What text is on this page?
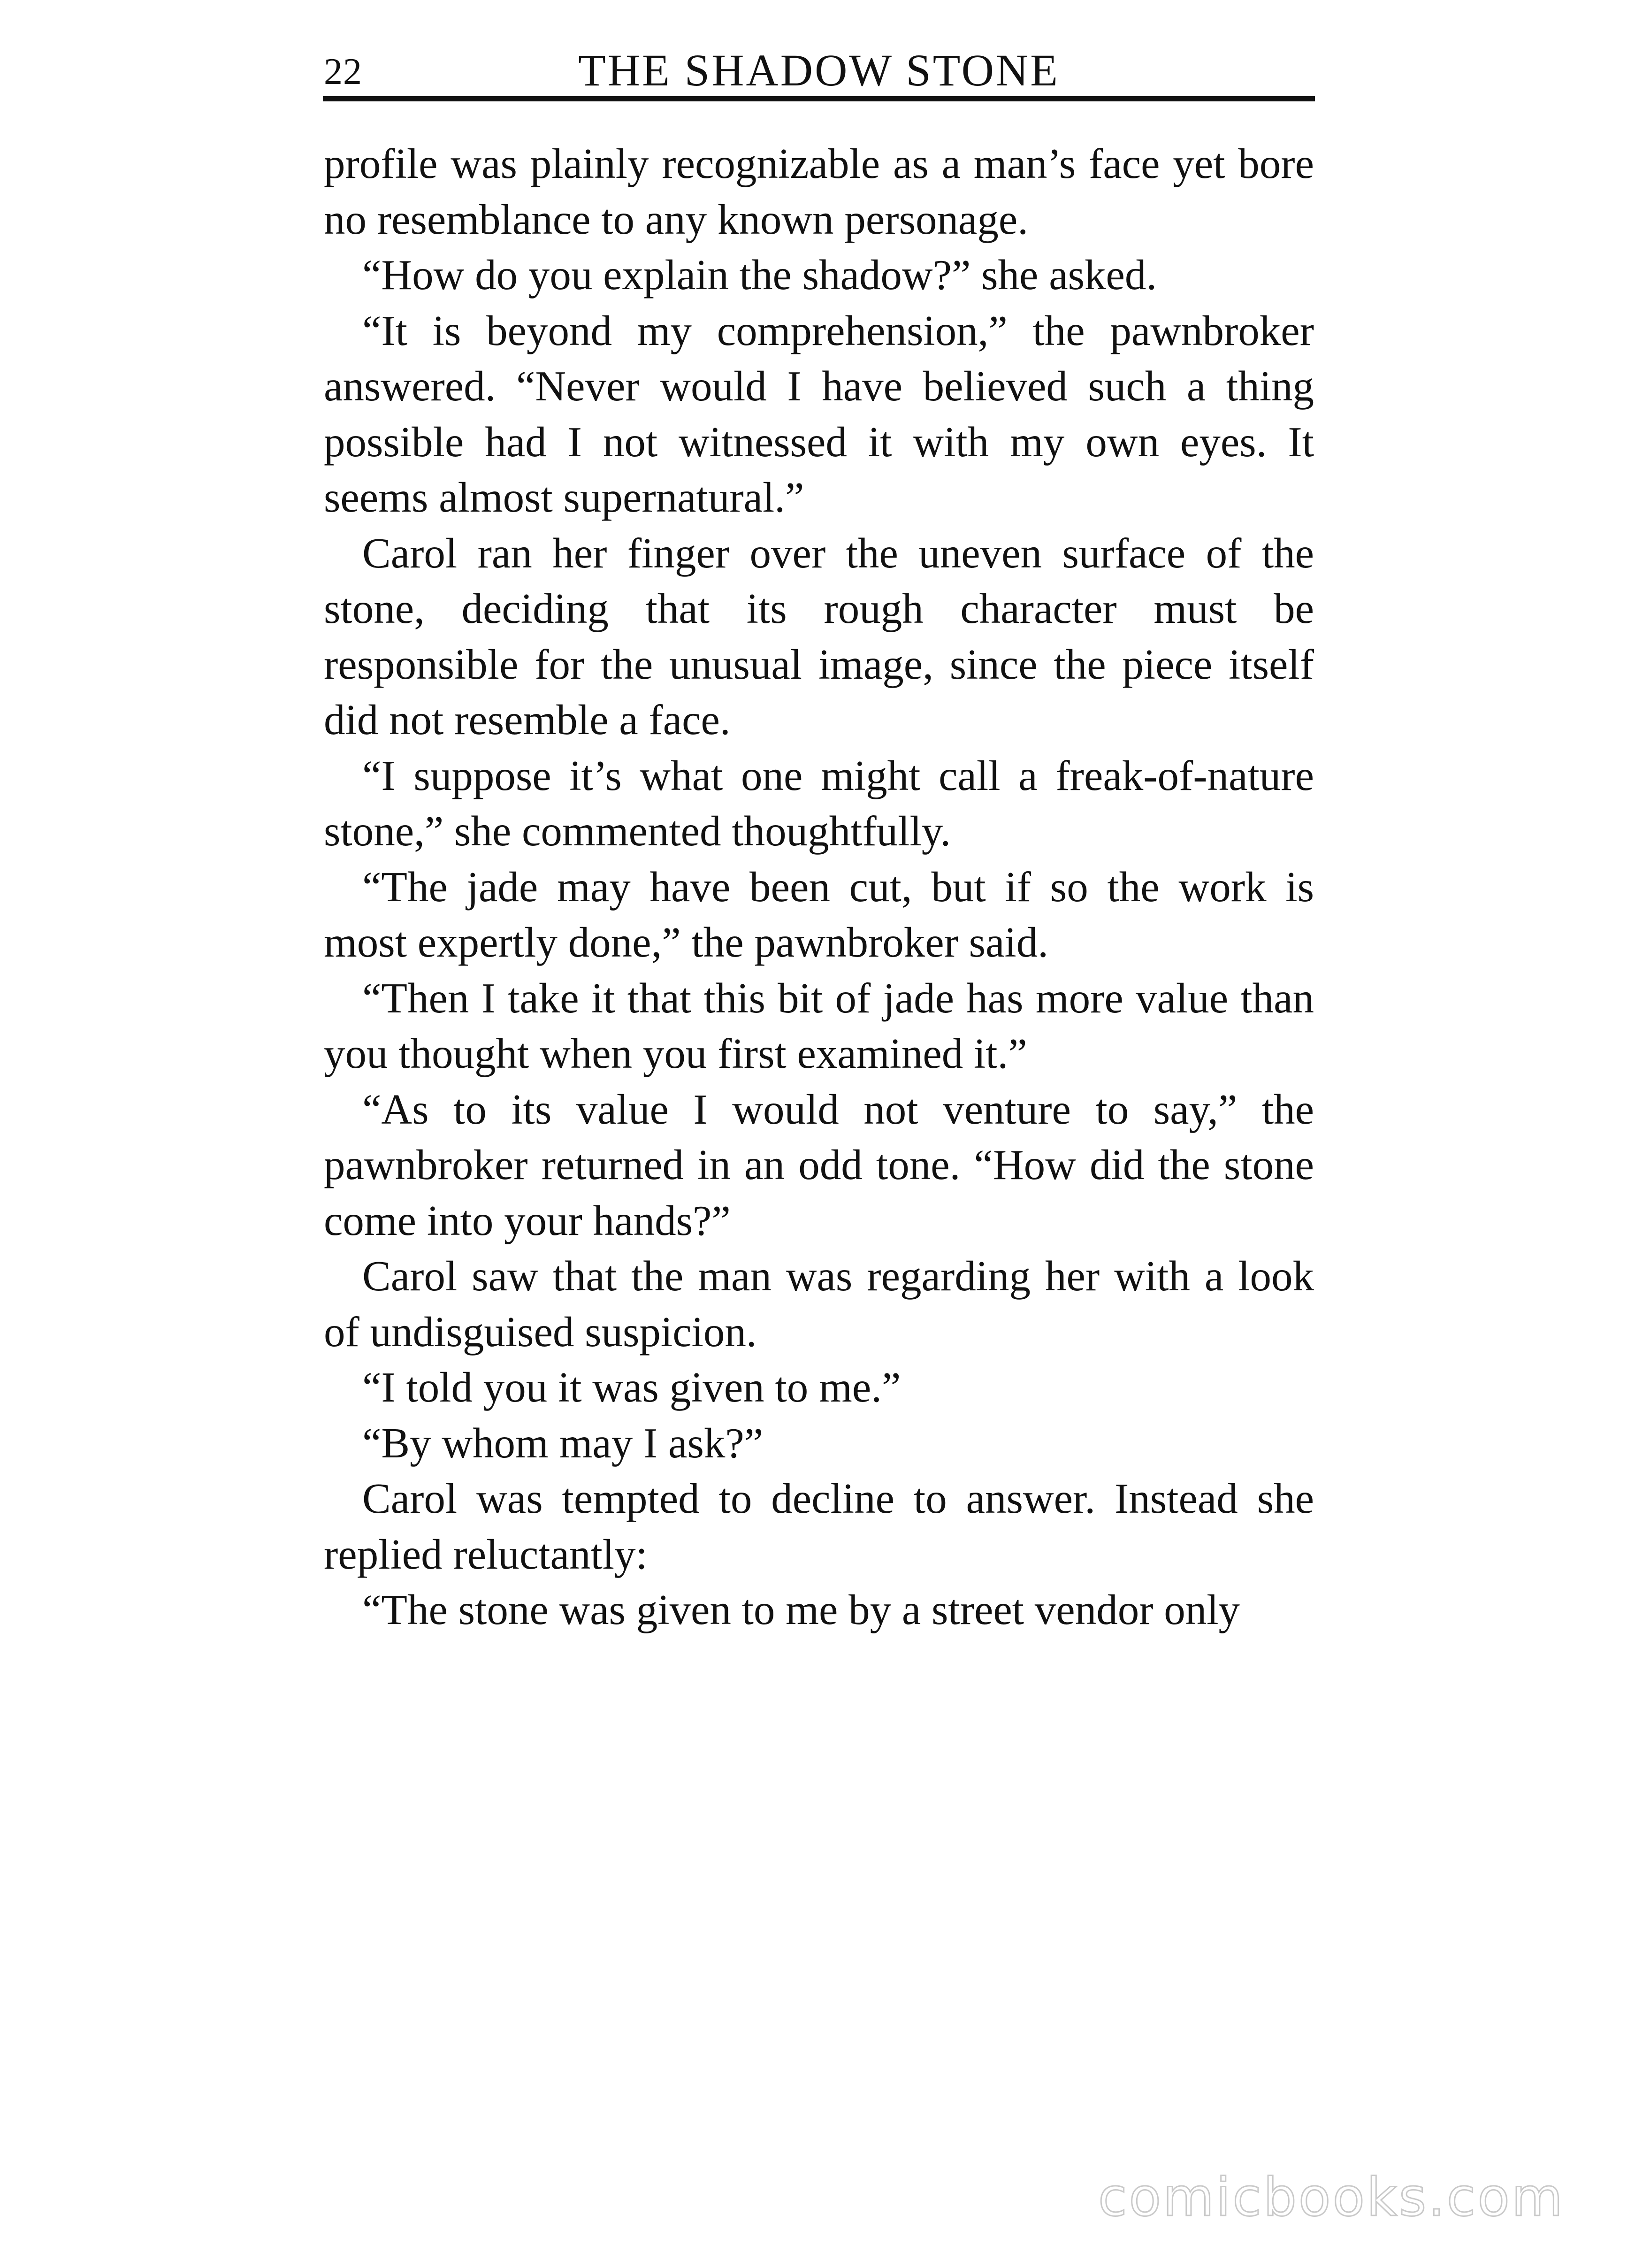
22	THE SHADOW STONE

profile was plainly recognizable as a man’s face yet bore no resemblance to any known personage.

“How do you explain the shadow?” she asked.

“It is beyond my comprehension,” the pawnbroker answered. “Never would I have believed such a thing possible had I not witnessed it with my own eyes. It seems almost supernatural.”

Carol ran her finger over the uneven surface of the stone, deciding that its rough character must be responsible for the unusual image, since the piece itself did not resemble a face.

“I suppose it’s what one might call a freak-of-nature stone,” she commented thoughtfully.

“The jade may have been cut, but if so the work is most expertly done,” the pawnbroker said.

“Then I take it that this bit of jade has more value than you thought when you first examined it.”

“As to its value I would not venture to say,” the pawnbroker returned in an odd tone. “How did the stone come into your hands?”

Carol saw that the man was regarding her with a look of undisguised suspicion.

“I told you it was given to me.”

“By whom may I ask?”

Carol was tempted to decline to answer. Instead she replied reluctantly:

“The stone was given to me by a street vendor only

comicbooks.com
